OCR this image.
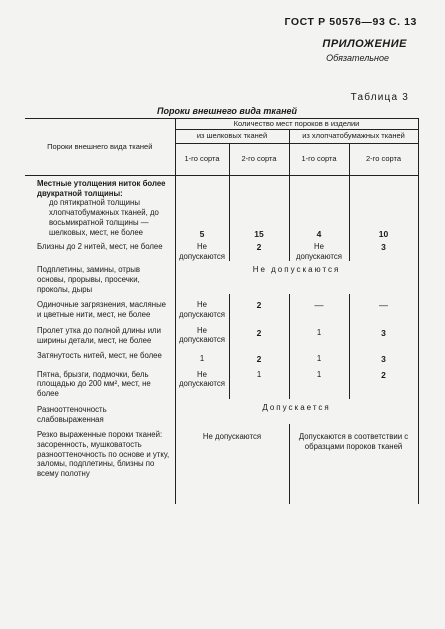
ГОСТ Р 50576—93 С. 13
ПРИЛОЖЕНИЕ
Обязательное
Таблица 3
Пороки внешнего вида тканей
Пороки внешнего вида тканей	Количество мест пороков в изделии			
	из шелковых тканей		из хлопчатобумажных тканей	
	1-го сорта	2-го сорта	1-го сорта	2-го сорта

Местные утолщения ниток более двукратной толщины:				
до пятикратной толщины хлопчатобумажных тканей, до восьмикратной толщины — шелковых, мест, не более	5	15	4	10
Близны до 2 нитей, мест, не более	Не допускаются	2	Не допускаются	3
Подплетины, замины, отрыв основы, прорывы, просечки, проколы, дыры	Не допускаются			
Одиночные загрязнения, масляные и цветные нити, мест, не более	Не допускаются	2	—	—
Пролет утка до полной длины или ширины детали, мест, не более	Не допускаются	2	1	3
Затянутость нитей, мест, не более	1	2	1	3
Пятна, брызги, подмочки, бель площадью до 200 мм², мест, не более	Не допускаются	1	1	2
Разнооттеночность слабовыраженная	Допускается			
Резко выраженные пороки тканей: засоренность, мушковатость разнооттеночность по основе и утку, заломы, подплетины, близны по всему полотну	Не допускаются		Допускаются в соответствии с образцами пороков тканей	
